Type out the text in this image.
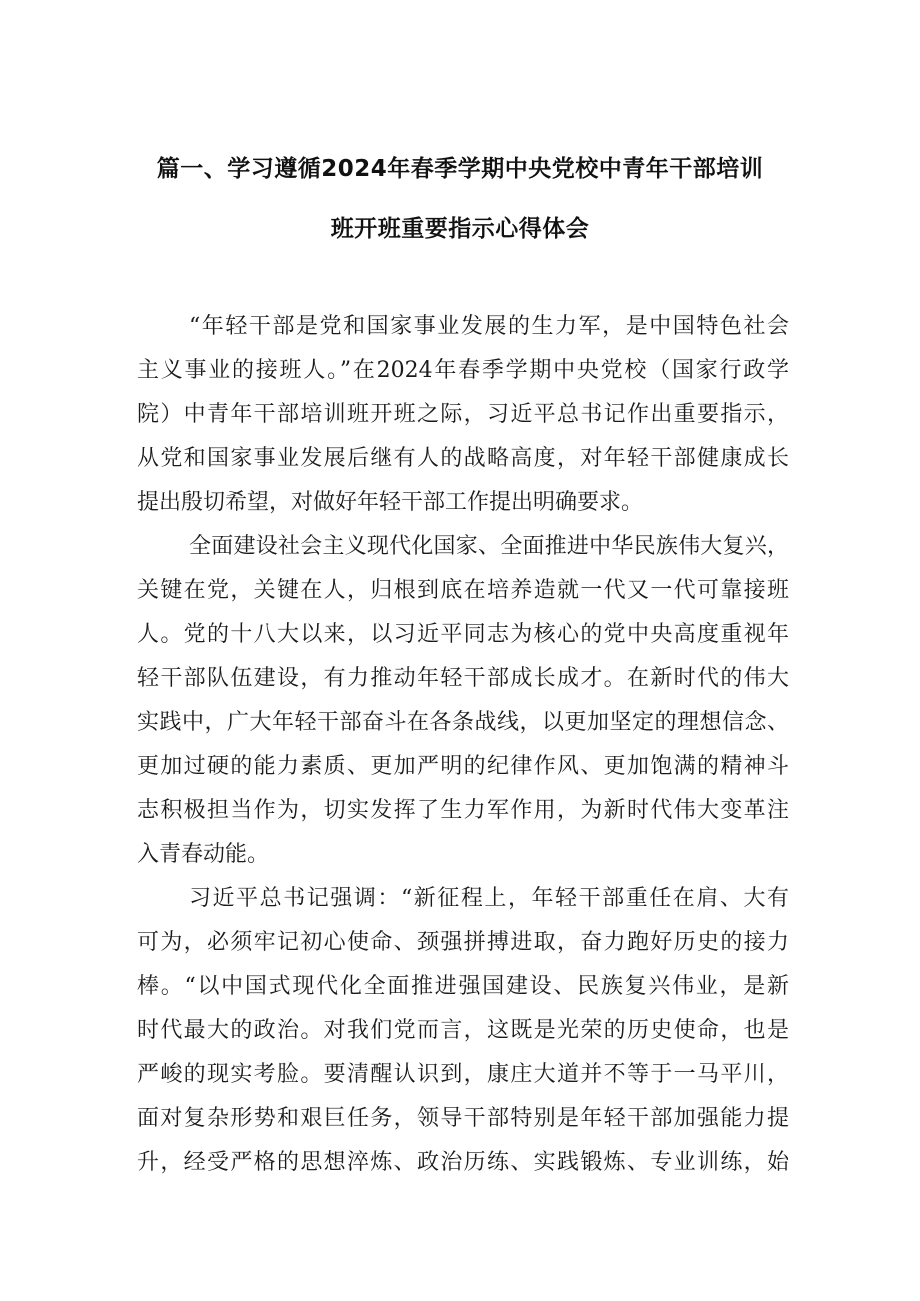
篇一、学习遵循2024年春季学期中央党校中青年干部培训
班开班重要指示心得体会
“年轻干部是党和国家事业发展的生力军，是中国特色社会
主义事业的接班人。”在2024年春季学期中央党校（国家行政学
院）中青年干部培训班开班之际，习近平总书记作出重要指示，
从党和国家事业发展后继有人的战略高度，对年轻干部健康成长
提出殷切希望，对做好年轻干部工作提出明确要求。
全面建设社会主义现代化国家、全面推进中华民族伟大复兴，
关键在党，关键在人，归根到底在培养造就一代又一代可靠接班
人。党的十八大以来，以习近平同志为核心的党中央高度重视年
轻干部队伍建设，有力推动年轻干部成长成才。在新时代的伟大
实践中，广大年轻干部奋斗在各条战线，以更加坚定的理想信念、
更加过硬的能力素质、更加严明的纪律作风、更加饱满的精神斗
志积极担当作为，切实发挥了生力军作用，为新时代伟大变革注
入青春动能。
习近平总书记强调：“新征程上，年轻干部重任在肩、大有
可为，必须牢记初心使命、颈强拼搏进取，奋力跑好历史的接力
棒。“以中国式现代化全面推进强国建设、民族复兴伟业，是新
时代最大的政治。对我们党而言，这既是光荣的历史使命，也是
严峻的现实考脸。要清醒认识到，康庄大道并不等于一马平川，
面对复杂形势和艰巨任务，领导干部特别是年轻干部加强能力提
升，经受严格的思想淬炼、政治历练、实践锻炼、专业训练，始
